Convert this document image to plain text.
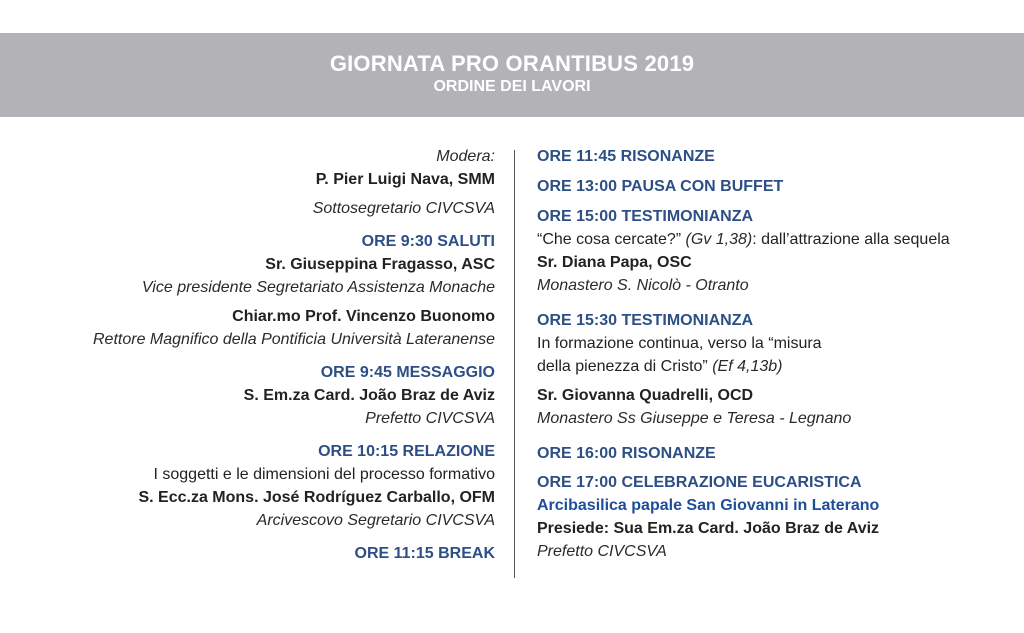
GIORNATA PRO ORANTIBUS 2019
ORDINE DEI LAVORI
Modera:
P. Pier Luigi Nava, SMM
Sottosegretario CIVCSVA
ORE 9:30 SALUTI
Sr. Giuseppina Fragasso, ASC
Vice presidente Segretariato Assistenza Monache
Chiar.mo Prof. Vincenzo Buonomo
Rettore Magnifico della Pontificia Università Lateranense
ORE 9:45 MESSAGGIO
S. Em.za Card. João Braz de Aviz
Prefetto CIVCSVA
ORE 10:15 RELAZIONE
I soggetti e le dimensioni del processo formativo
S. Ecc.za Mons. José Rodríguez Carballo, OFM
Arcivescovo Segretario CIVCSVA
ORE 11:15 BREAK
ORE 11:45 RISONANZE
ORE 13:00 PAUSA CON BUFFET
ORE 15:00 TESTIMONIANZA
“Che cosa cercate?” (Gv 1,38): dall’attrazione alla sequela
Sr. Diana Papa, OSC
Monastero S. Nicolò - Otranto
ORE 15:30 TESTIMONIANZA
In formazione continua, verso la “misura
della pienezza di Cristo” (Ef 4,13b)
Sr. Giovanna Quadrelli, OCD
Monastero Ss Giuseppe e Teresa - Legnano
ORE 16:00 RISONANZE
ORE 17:00 CELEBRAZIONE EUCARISTICA
Arcibasilica papale San Giovanni in Laterano
Presiede: Sua Em.za Card. João Braz de Aviz
Prefetto CIVCSVA
